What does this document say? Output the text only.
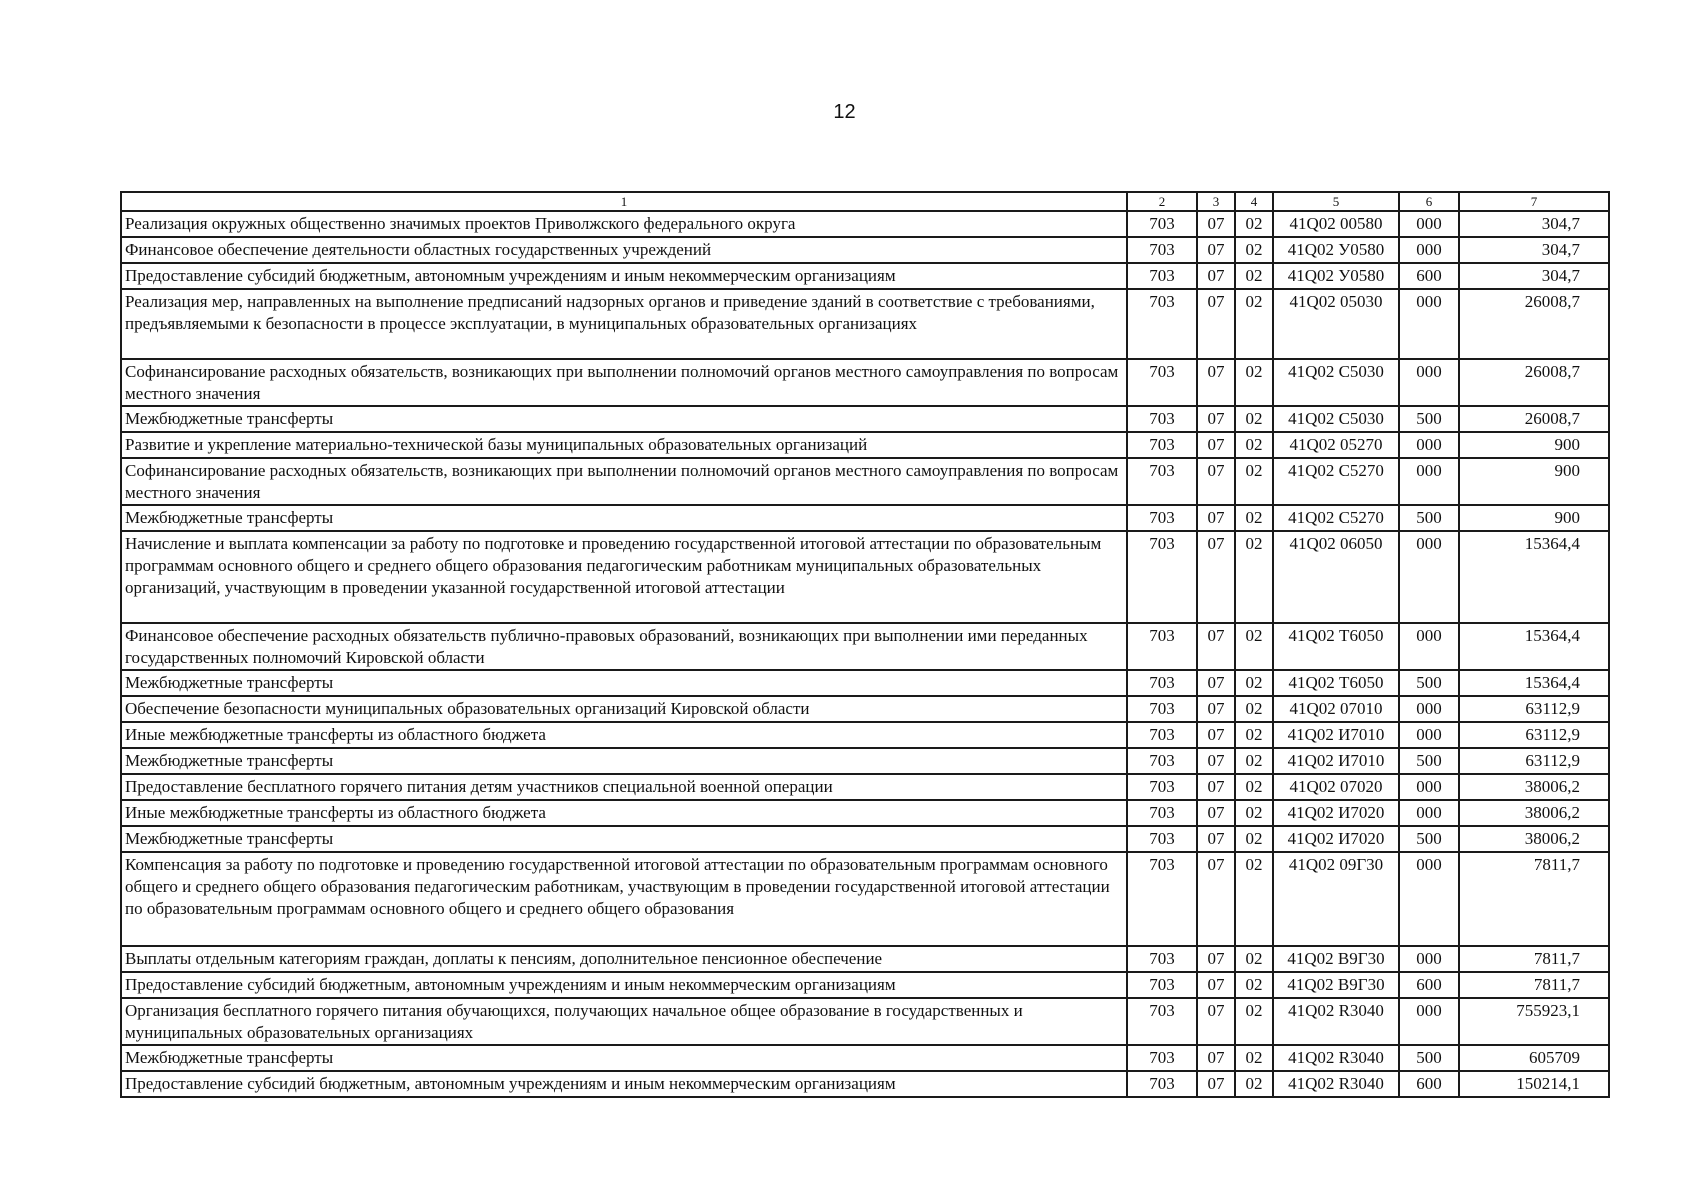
12
1	2	3	4	5	6	7
Реализация окружных общественно значимых проектов Приволжского федерального округа	703	07	02	41Q02 00580	000	304,7
Финансовое обеспечение деятельности областных государственных учреждений	703	07	02	41Q02 У0580	000	304,7
Предоставление субсидий бюджетным, автономным учреждениям и иным некоммерческим организациям	703	07	02	41Q02 У0580	600	304,7
Реализация мер, направленных на выполнение предписаний надзорных органов и приведение зданий в соответствие с требованиями, предъявляемыми к безопасности в процессе эксплуатации, в муниципальных образовательных организациях	703	07	02	41Q02 05030	000	26008,7
Софинансирование расходных обязательств, возникающих при выполнении полномочий органов местного самоуправления по вопросам местного значения	703	07	02	41Q02 С5030	000	26008,7
Межбюджетные трансферты	703	07	02	41Q02 С5030	500	26008,7
Развитие и укрепление материально-технической базы муниципальных образовательных организаций	703	07	02	41Q02 05270	000	900
Софинансирование расходных обязательств, возникающих при выполнении полномочий органов местного самоуправления по вопросам местного значения	703	07	02	41Q02 С5270	000	900
Межбюджетные трансферты	703	07	02	41Q02 С5270	500	900
Начисление и выплата компенсации за работу по подготовке и проведению государственной итоговой аттестации по образовательным программам основного общего и среднего общего образования педагогическим работникам муниципальных образовательных организаций, участвующим в проведении указанной государственной итоговой аттестации	703	07	02	41Q02 06050	000	15364,4
Финансовое обеспечение расходных обязательств публично-правовых образований, возникающих при выполнении ими переданных государственных полномочий Кировской области	703	07	02	41Q02 Т6050	000	15364,4
Межбюджетные трансферты	703	07	02	41Q02 Т6050	500	15364,4
Обеспечение безопасности муниципальных образовательных организаций Кировской области	703	07	02	41Q02 07010	000	63112,9
Иные межбюджетные трансферты из областного бюджета	703	07	02	41Q02 И7010	000	63112,9
Межбюджетные трансферты	703	07	02	41Q02 И7010	500	63112,9
Предоставление бесплатного горячего питания детям участников специальной военной операции	703	07	02	41Q02 07020	000	38006,2
Иные межбюджетные трансферты из областного бюджета	703	07	02	41Q02 И7020	000	38006,2
Межбюджетные трансферты	703	07	02	41Q02 И7020	500	38006,2
Компенсация за работу по подготовке и проведению государственной итоговой аттестации по образовательным программам основного общего и среднего общего образования педагогическим работникам, участвующим в проведении государственной итоговой аттестации по образовательным программам основного общего и среднего общего образования	703	07	02	41Q02 09Г30	000	7811,7
Выплаты отдельным категориям граждан, доплаты к пенсиям, дополнительное пенсионное обеспечение	703	07	02	41Q02 В9Г30	000	7811,7
Предоставление субсидий бюджетным, автономным учреждениям и иным некоммерческим организациям	703	07	02	41Q02 В9Г30	600	7811,7
Организация бесплатного горячего питания обучающихся, получающих начальное общее образование в государственных и муниципальных образовательных организациях	703	07	02	41Q02 R3040	000	755923,1
Межбюджетные трансферты	703	07	02	41Q02 R3040	500	605709
Предоставление субсидий бюджетным, автономным учреждениям и иным некоммерческим организациям	703	07	02	41Q02 R3040	600	150214,1
